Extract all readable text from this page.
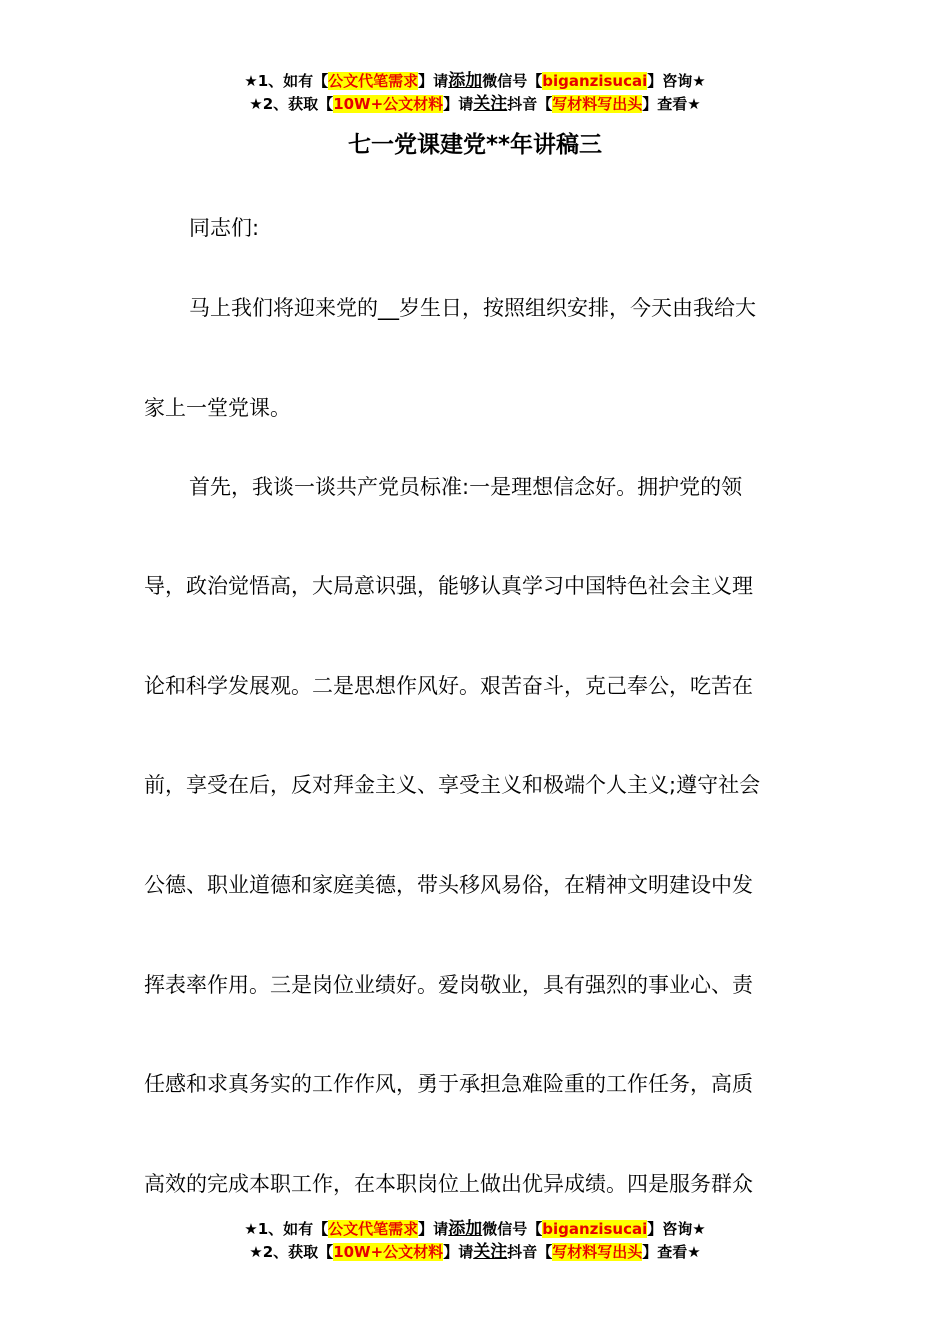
★1、如有【公文代笔需求】请添加微信号【biganzisucai】咨询★
★2、获取【10W+公文材料】请关注抖音【写材料写出头】查看★
七一党课建党**年讲稿三
同志们:
马上我们将迎来党的__岁生日，按照组织安排，今天由我给大
家上一堂党课。
首先，我谈一谈共产党员标准:一是理想信念好。拥护党的领
导，政治觉悟高，大局意识强，能够认真学习中国特色社会主义理
论和科学发展观。二是思想作风好。艰苦奋斗，克己奉公，吃苦在
前，享受在后，反对拜金主义、享受主义和极端个人主义;遵守社会
公德、职业道德和家庭美德，带头移风易俗，在精神文明建设中发
挥表率作用。三是岗位业绩好。爱岗敬业，具有强烈的事业心、责
任感和求真务实的工作作风，勇于承担急难险重的工作任务，高质
高效的完成本职工作，在本职岗位上做出优异成绩。四是服务群众
★1、如有【公文代笔需求】请添加微信号【biganzisucai】咨询★
★2、获取【10W+公文材料】请关注抖音【写材料写出头】查看★
